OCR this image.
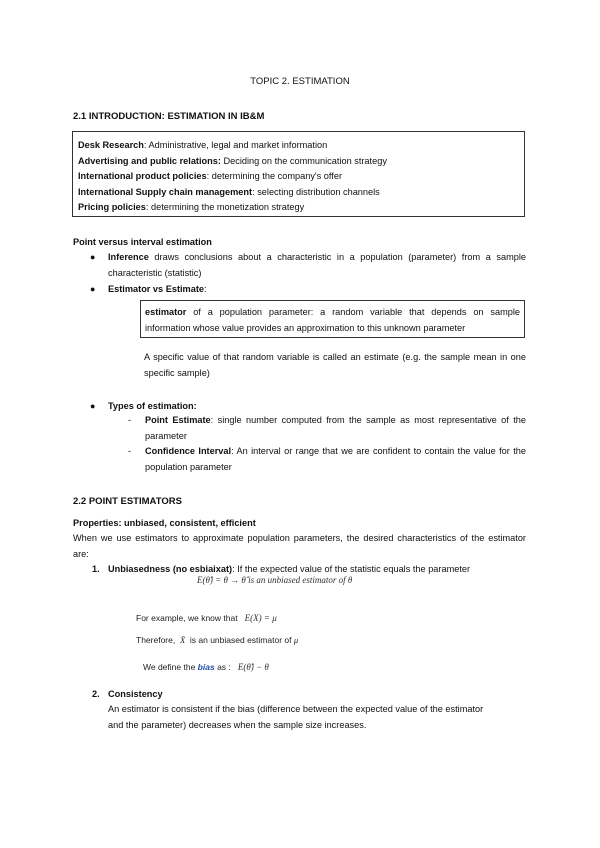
TOPIC 2. ESTIMATION
2.1 INTRODUCTION: ESTIMATION IN IB&M
Desk Research: Administrative, legal and market information
Advertising and public relations: Deciding on the communication strategy
International product policies: determining the company's offer
International Supply chain management: selecting distribution channels
Pricing policies: determining the monetization strategy
Point versus interval estimation
● Inference draws conclusions about a characteristic in a population (parameter) from a sample characteristic (statistic)
● Estimator vs Estimate:
estimator of a population parameter: a random variable that depends on sample information whose value provides an approximation to this unknown parameter
A specific value of that random variable is called an estimate (e.g. the sample mean in one specific sample)
● Types of estimation:
- Point Estimate: single number computed from the sample as most representative of the parameter
- Confidence Interval: An interval or range that we are confident to contain the value for the population parameter
2.2 POINT ESTIMATORS
Properties: unbiased, consistent, efficient
When we use estimators to approximate population parameters, the desired characteristics of the estimator are:
1. Unbiasedness (no esbiaixat): If the expected value of the statistic equals the parameter
E(θ̂) = θ → θ̂ is an unbiased estimator of θ
For example, we know that E(X) = μ
Therefore, X̄ is an unbiased estimator of μ
We define the bias as : E(θ̂) − θ
2. Consistency
An estimator is consistent if the bias (difference between the expected value of the estimator and the parameter) decreases when the sample size increases.
